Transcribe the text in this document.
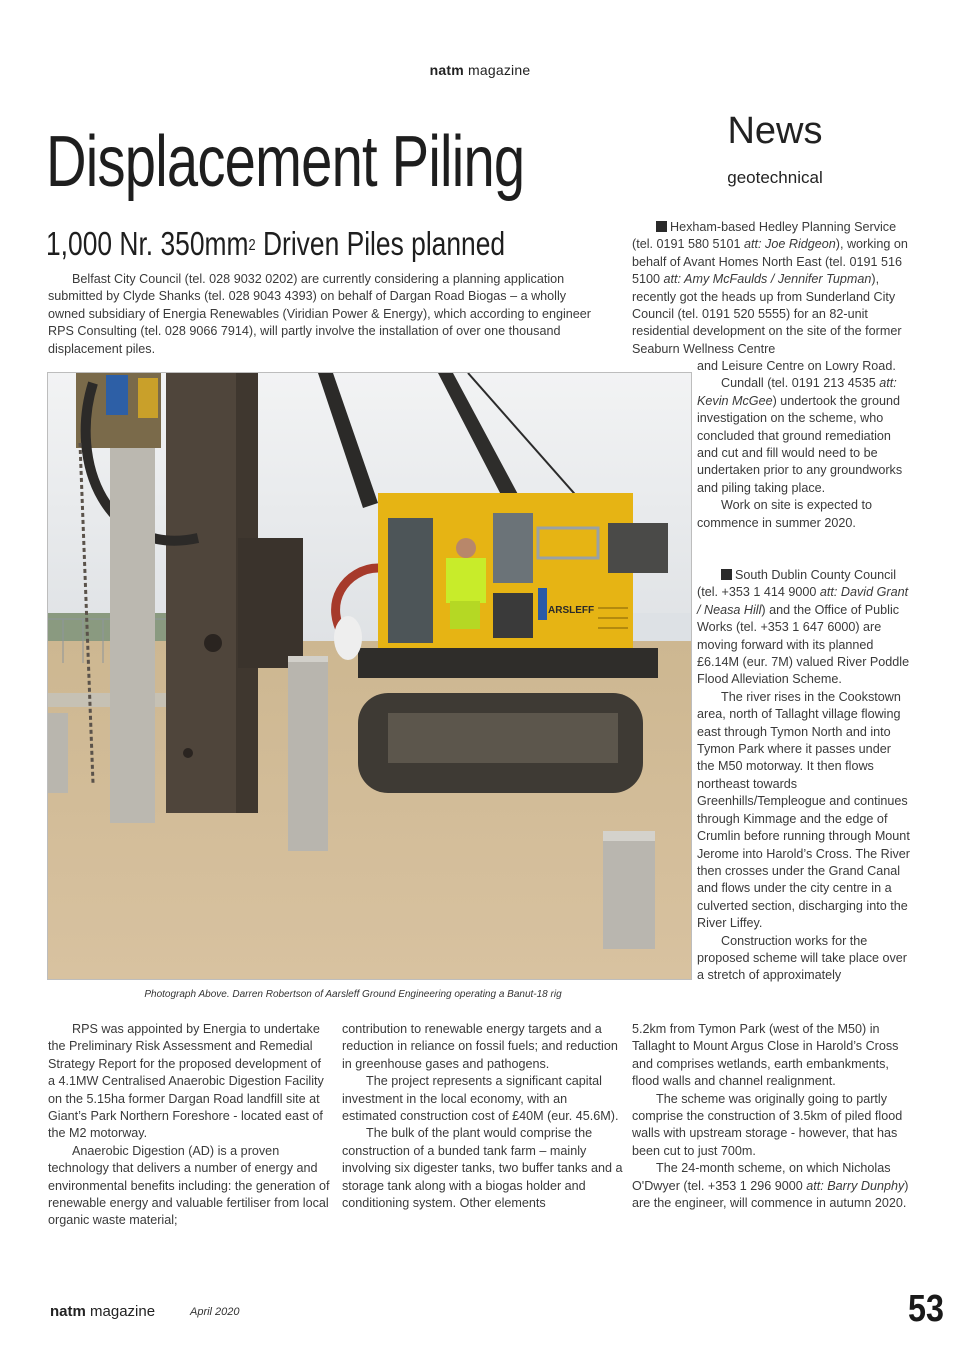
natm magazine
Displacement Piling
1,000 Nr. $350mm^2$ Driven Piles planned
News
geotechnical

Belfast City Council (tel. 028 9032 0202) are currently considering a planning application submitted by Clyde Shanks (tel. 028 9043 4393) on behalf of Dargan Road Biogas – a wholly owned subsidiary of Energia Renewables (Viridian Power & Energy), which according to engineer RPS Consulting (tel. 028 9066 7914), will partly involve the installation of over one thousand displacement piles.

ARSLEFF
Photograph Above. Darren Robertson of Aarsleff Ground Engineering operating a Banut-18 rig

Hexham-based Hedley Planning Service (tel. 0191 580 5101 att: Joe Ridgeon), working on behalf of Avant Homes North East (tel. 0191 516 5100 att: Amy McFaulds / Jennifer Tupman), recently got the heads up from Sunderland City Council (tel. 0191 520 5555) for an 82-unit residential development on the site of the former Seaburn Wellness Centre

and Leisure Centre on Lowry Road.

Cundall (tel. 0191 213 4535 att: Kevin McGee) undertook the ground investigation on the scheme, who concluded that ground remediation and cut and fill would need to be undertaken prior to any groundworks and piling taking place.

Work on site is expected to commence in summer 2020.

South Dublin County Council (tel. +353 1 414 9000 att: David Grant / Neasa Hill) and the Office of Public Works (tel. +353 1 647 6000) are moving forward with its planned £6.14M (eur. 7M) valued River Poddle Flood Alleviation Scheme.

The river rises in the Cookstown area, north of Tallaght village flowing east through Tymon North and into Tymon Park where it passes under the M50 motorway. It then flows northeast towards Greenhills/Templeogue and continues through Kimmage and the edge of Crumlin before running through Mount Jerome into Harold’s Cross. The River then crosses under the Grand Canal and flows under the city centre in a culverted section, discharging into the River Liffey.

Construction works for the proposed scheme will take place over a stretch of approximately

5.2km from Tymon Park (west of the M50) in Tallaght to Mount Argus Close in Harold’s Cross and comprises wetlands, earth embankments, flood walls and channel realignment.

The scheme was originally going to partly comprise the construction of 3.5km of piled flood walls with upstream storage - however, that has been cut to just 700m.

The 24-month scheme, on which Nicholas O'Dwyer (tel. +353 1 296 9000 att: Barry Dunphy) are the engineer, will commence in autumn 2020.

RPS was appointed by Energia to undertake the Preliminary Risk Assessment and Remedial Strategy Report for the proposed development of a 4.1MW Centralised Anaerobic Digestion Facility on the 5.15ha former Dargan Road landfill site at Giant’s Park Northern Foreshore - located east of the M2 motorway.

Anaerobic Digestion (AD) is a proven technology that delivers a number of energy and environmental benefits including: the generation of renewable energy and valuable fertiliser from local organic waste material;

contribution to renewable energy targets and a reduction in reliance on fossil fuels; and reduction in greenhouse gases and pathogens.

The project represents a significant capital investment in the local economy, with an estimated construction cost of £40M (eur. 45.6M).

The bulk of the plant would comprise the construction of a bunded tank farm – mainly involving six digester tanks, two buffer tanks and a storage tank along with a biogas holder and conditioning system. Other elements

natm magazine	April 2020	53
